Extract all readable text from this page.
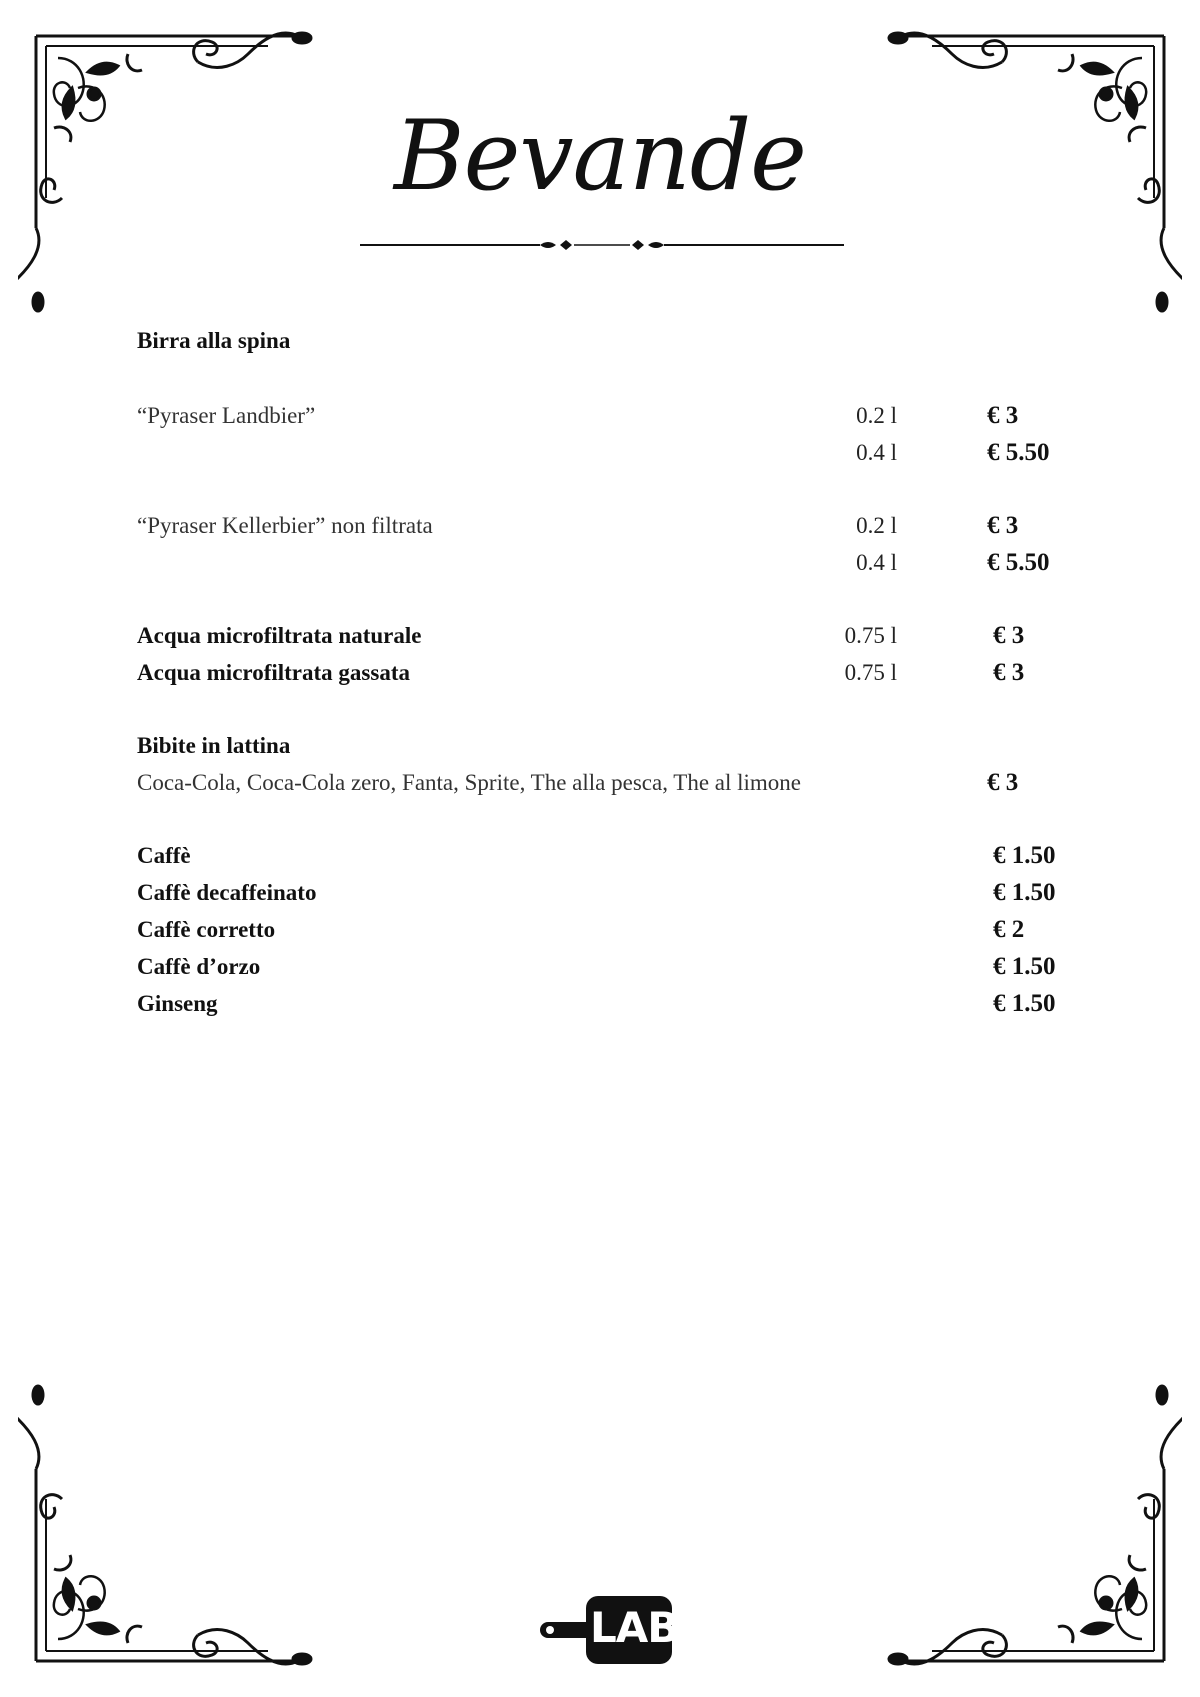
Bevande
Birra alla spina
“Pyraser Landbier”	0.2 l	€ 3
0.4 l	€ 5.50
“Pyraser Kellerbier” non filtrata	0.2 l	€ 3
0.4 l	€ 5.50
Acqua microfiltrata naturale	0.75 l	€ 3
Acqua microfiltrata gassata	0.75 l	€ 3
Bibite in lattina
Coca-Cola, Coca-Cola zero, Fanta, Sprite, The alla pesca, The al limone	€ 3
Caffè	€ 1.50
Caffè decaffeinato	€ 1.50
Caffè corretto	€ 2
Caffè d’orzo	€ 1.50
Ginseng	€ 1.50
LAB
